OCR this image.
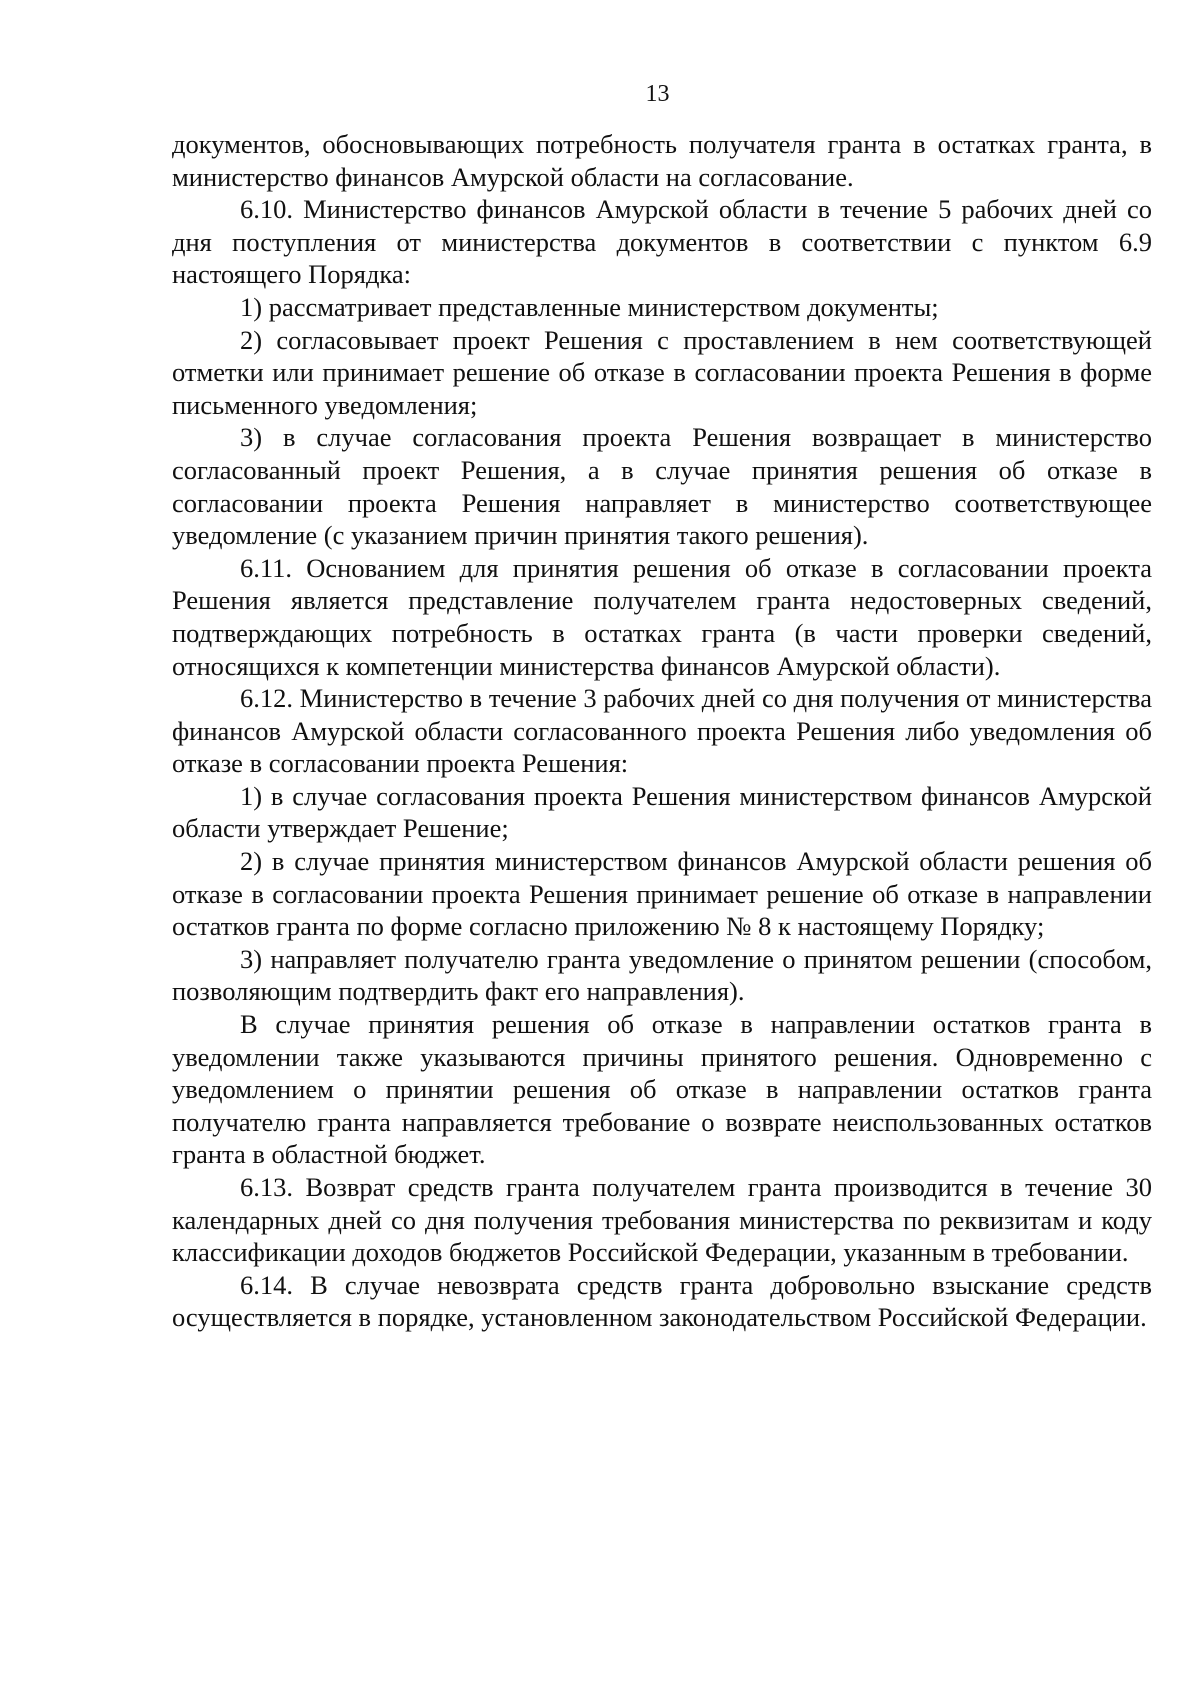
13

документов, обосновывающих потребность получателя гранта в остатках гранта, в министерство финансов Амурской области на согласование.

6.10. Министерство финансов Амурской области в течение 5 рабочих дней со дня поступления от министерства документов в соответствии с пунктом 6.9 настоящего Порядка:

1) рассматривает представленные министерством документы;

2) согласовывает проект Решения с проставлением в нем соответствующей отметки или принимает решение об отказе в согласовании проекта Решения в форме письменного уведомления;

3) в случае согласования проекта Решения возвращает в министерство согласованный проект Решения, а в случае принятия решения об отказе в согласовании проекта Решения направляет в министерство соответствующее уведомление (с указанием причин принятия такого решения).

6.11. Основанием для принятия решения об отказе в согласовании проекта Решения является представление получателем гранта недостоверных сведений, подтверждающих потребность в остатках гранта (в части проверки сведений, относящихся к компетенции министерства финансов Амурской области).

6.12. Министерство в течение 3 рабочих дней со дня получения от министерства финансов Амурской области согласованного проекта Решения либо уведомления об отказе в согласовании проекта Решения:

1) в случае согласования проекта Решения министерством финансов Амурской области утверждает Решение;

2) в случае принятия министерством финансов Амурской области решения об отказе в согласовании проекта Решения принимает решение об отказе в направлении остатков гранта по форме согласно приложению № 8 к настоящему Порядку;

3) направляет получателю гранта уведомление о принятом решении (способом, позволяющим подтвердить факт его направления).

В случае принятия решения об отказе в направлении остатков гранта в уведомлении также указываются причины принятого решения. Одновременно с уведомлением о принятии решения об отказе в направлении остатков гранта получателю гранта направляется требование о возврате неиспользованных остатков гранта в областной бюджет.

6.13. Возврат средств гранта получателем гранта производится в течение 30 календарных дней со дня получения требования министерства по реквизитам и коду классификации доходов бюджетов Российской Федерации, указанным в требовании.

6.14. В случае невозврата средств гранта добровольно взыскание средств осуществляется в порядке, установленном законодательством Российской Федерации.
